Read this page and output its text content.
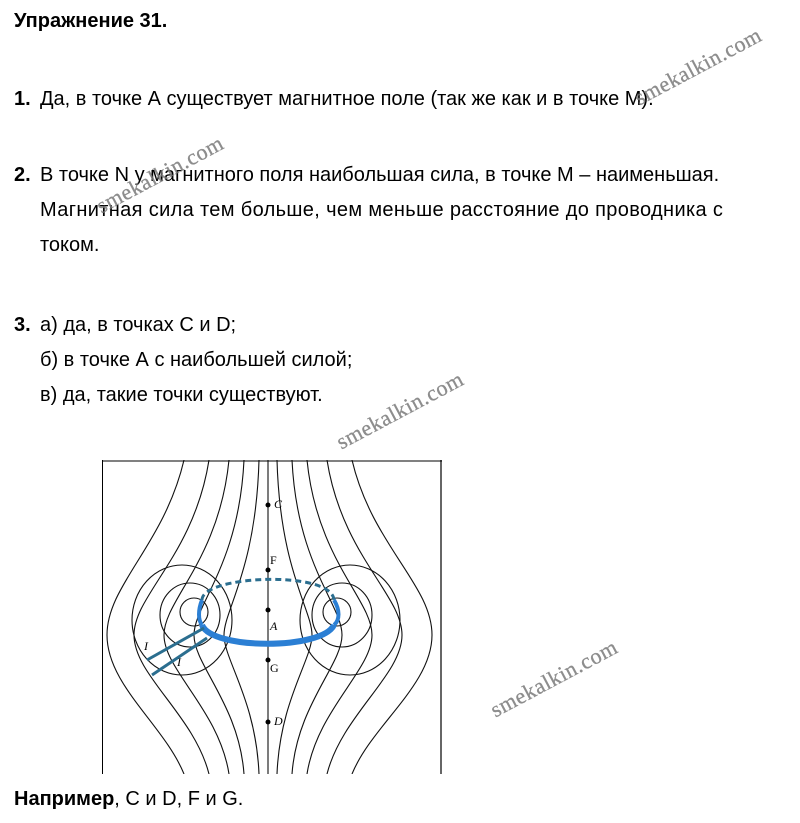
Упражнение 31.
1. Да, в точке А существует магнитное поле (так же как и в точке М).
2. В точке N у магнитного поля наибольшая сила, в точке M – наименьшая.
Магнитная сила тем больше, чем меньше расстояние до проводника с
током.
3. а) да, в точках C и D;
б) в точке А с наибольшей силой;
в) да, такие точки существуют.
C
F
A
G
D
I
I
Например, C и D, F и G.
smekalkin.com
smekalkin.com
smekalkin.com
smekalkin.com
